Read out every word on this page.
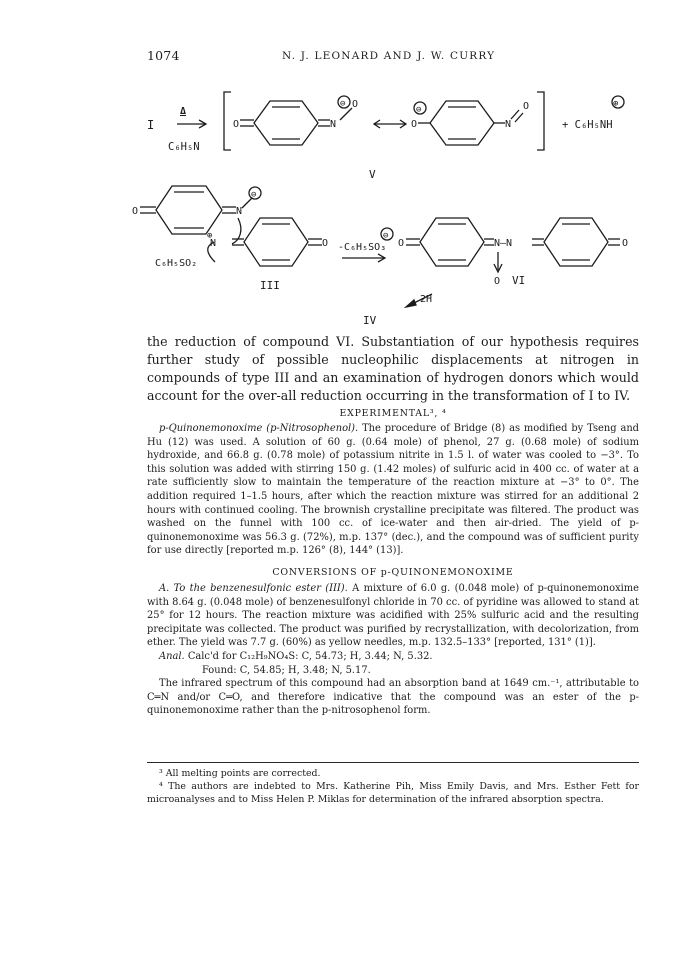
1074	N. J. LEONARD AND J. W. CURRY
I
Δ
C₆H₅N
O	N
O
⊖
O
⊖
N
O
+ C₆H₅NH
⊕
V
O	N
⊖
N
⊕
C₆H₅SO₂
O
III
-C₆H₅SO₃
⊖
O	N—N
O
O
VI
2H
IV

the reduction of compound VI. Substantiation of our hypothesis requires further study of possible nucleophilic displacements at nitrogen in compounds of type III and an examination of hydrogen donors which would account for the over-all reduction occurring in the transformation of I to IV.

EXPERIMENTAL³, ⁴

p-Quinonemonoxime (p-Nitrosophenol). The procedure of Bridge (8) as modified by Tseng and Hu (12) was used. A solution of 60 g. (0.64 mole) of phenol, 27 g. (0.68 mole) of sodium hydroxide, and 66.8 g. (0.78 mole) of potassium nitrite in 1.5 l. of water was cooled to −3°. To this solution was added with stirring 150 g. (1.42 moles) of sulfuric acid in 400 cc. of water at a rate sufficiently slow to maintain the temperature of the reaction mixture at −3° to 0°. The addition required 1–1.5 hours, after which the reaction mixture was stirred for an additional 2 hours with continued cooling. The brownish crystalline precipitate was filtered. The product was washed on the funnel with 100 cc. of ice-water and then air-dried. The yield of p-quinonemonoxime was 56.3 g. (72%), m.p. 137° (dec.), and the compound was of sufficient purity for use directly [reported m.p. 126° (8), 144° (13)].

CONVERSIONS OF p-QUINONEMONOXIME

A. To the benzenesulfonic ester (III). A mixture of 6.0 g. (0.048 mole) of p-quinonemonoxime with 8.64 g. (0.048 mole) of benzenesulfonyl chloride in 70 cc. of pyridine was allowed to stand at 25° for 12 hours. The reaction mixture was acidified with 25% sulfuric acid and the resulting precipitate was collected. The product was purified by recrystallization, with decolorization, from ether. The yield was 7.7 g. (60%) as yellow needles, m.p. 132.5–133° [reported, 131° (1)].

Anal. Calc'd for C₁₂H₉NO₄S: C, 54.73; H, 3.44; N, 5.32.

Found: C, 54.85; H, 3.48; N, 5.17.

The infrared spectrum of this compound had an absorption band at 1649 cm.⁻¹, attributable to C═N and/or C═O, and therefore indicative that the compound was an ester of the p-quinonemonoxime rather than the p-nitrosophenol form.

³ All melting points are corrected.

⁴ The authors are indebted to Mrs. Katherine Pih, Miss Emily Davis, and Mrs. Esther Fett for microanalyses and to Miss Helen P. Miklas for determination of the infrared absorption spectra.
